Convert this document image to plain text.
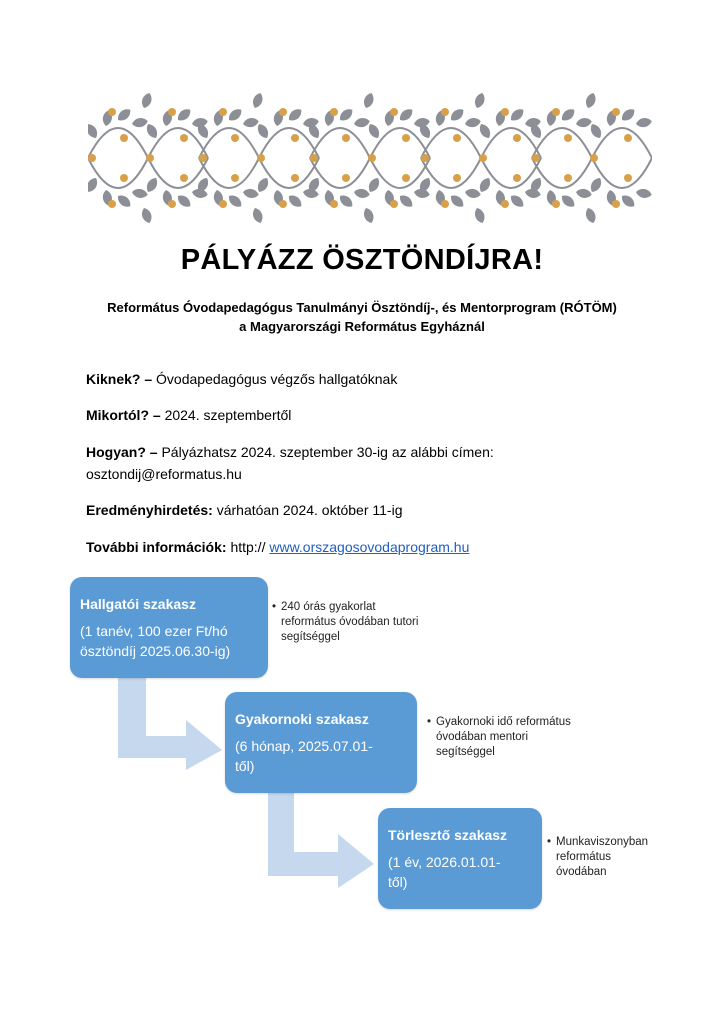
PÁLYÁZZ ÖSZTÖNDÍJRA!
Református Óvodapedagógus Tanulmányi Ösztöndíj-, és Mentorprogram (RÓTÖM)
a Magyarországi Református Egyháznál
Kiknek? – Óvodapedagógus végzős hallgatóknak
Mikortól? – 2024. szeptembertől
Hogyan? – Pályázhatsz 2024. szeptember 30-ig az alábbi címen:
osztondij@reformatus.hu
Eredményhirdetés: várhatóan 2024. október 11-ig
További információk: http:// www.orszagosovodaprogram.hu
Hallgatói szakasz
(1 tanév, 100 ezer Ft/hó
ösztöndíj 2025.06.30-ig)
Gyakornoki szakasz
(6 hónap, 2025.07.01-
től)
Törlesztő szakasz
(1 év, 2026.01.01-
től)
• 240 órás gyakorlat
református óvodában tutori
segítséggel
• Gyakornoki idő református
óvodában mentori
segítséggel
• Munkaviszonyban
református
óvodában
